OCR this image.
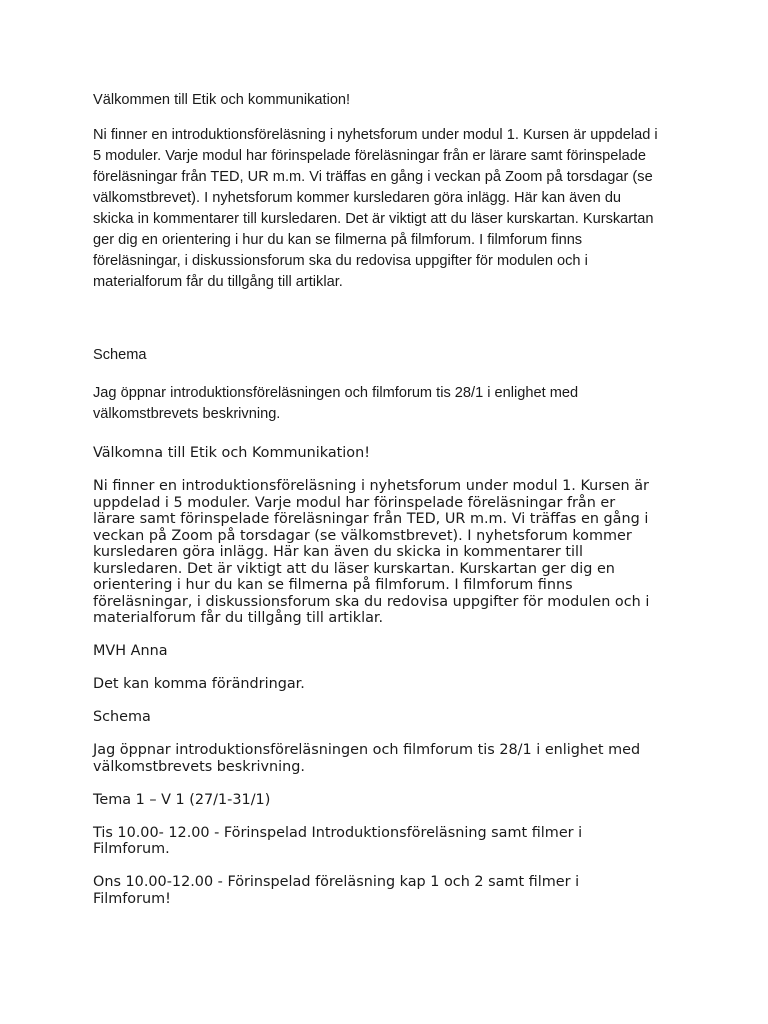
Välkommen till Etik och kommunikation!

Ni finner en introduktionsföreläsning i nyhetsforum under modul 1. Kursen är uppdelad i
5 moduler. Varje modul har förinspelade föreläsningar från er lärare samt förinspelade
föreläsningar från TED, UR m.m. Vi träffas en gång i veckan på Zoom på torsdagar (se
välkomstbrevet). I nyhetsforum kommer kursledaren göra inlägg. Här kan även du
skicka in kommentarer till kursledaren. Det är viktigt att du läser kurskartan. Kurskartan
ger dig en orientering i hur du kan se filmerna på filmforum. I filmforum finns
föreläsningar, i diskussionsforum ska du redovisa uppgifter för modulen och i
materialforum får du tillgång till artiklar.

Schema

Jag öppnar introduktionsföreläsningen och filmforum tis 28/1 i enlighet med
välkomstbrevets beskrivning.

Välkomna till Etik och Kommunikation!

Ni finner en introduktionsföreläsning i nyhetsforum under modul 1. Kursen är
uppdelad i 5 moduler. Varje modul har förinspelade föreläsningar från er
lärare samt förinspelade föreläsningar från TED, UR m.m. Vi träffas en gång i
veckan på Zoom på torsdagar (se välkomstbrevet). I nyhetsforum kommer
kursledaren göra inlägg. Här kan även du skicka in kommentarer till
kursledaren. Det är viktigt att du läser kurskartan. Kurskartan ger dig en
orientering i hur du kan se filmerna på filmforum. I filmforum finns
föreläsningar, i diskussionsforum ska du redovisa uppgifter för modulen och i
materialforum får du tillgång till artiklar.

MVH Anna

Det kan komma förändringar.

Schema

Jag öppnar introduktionsföreläsningen och filmforum tis 28/1 i enlighet med
välkomstbrevets beskrivning.

Tema 1 – V 1 (27/1-31/1)

Tis 10.00- 12.00 - Förinspelad Introduktionsföreläsning samt filmer i
Filmforum.

Ons 10.00-12.00 - Förinspelad föreläsning kap 1 och 2 samt filmer i
Filmforum!
